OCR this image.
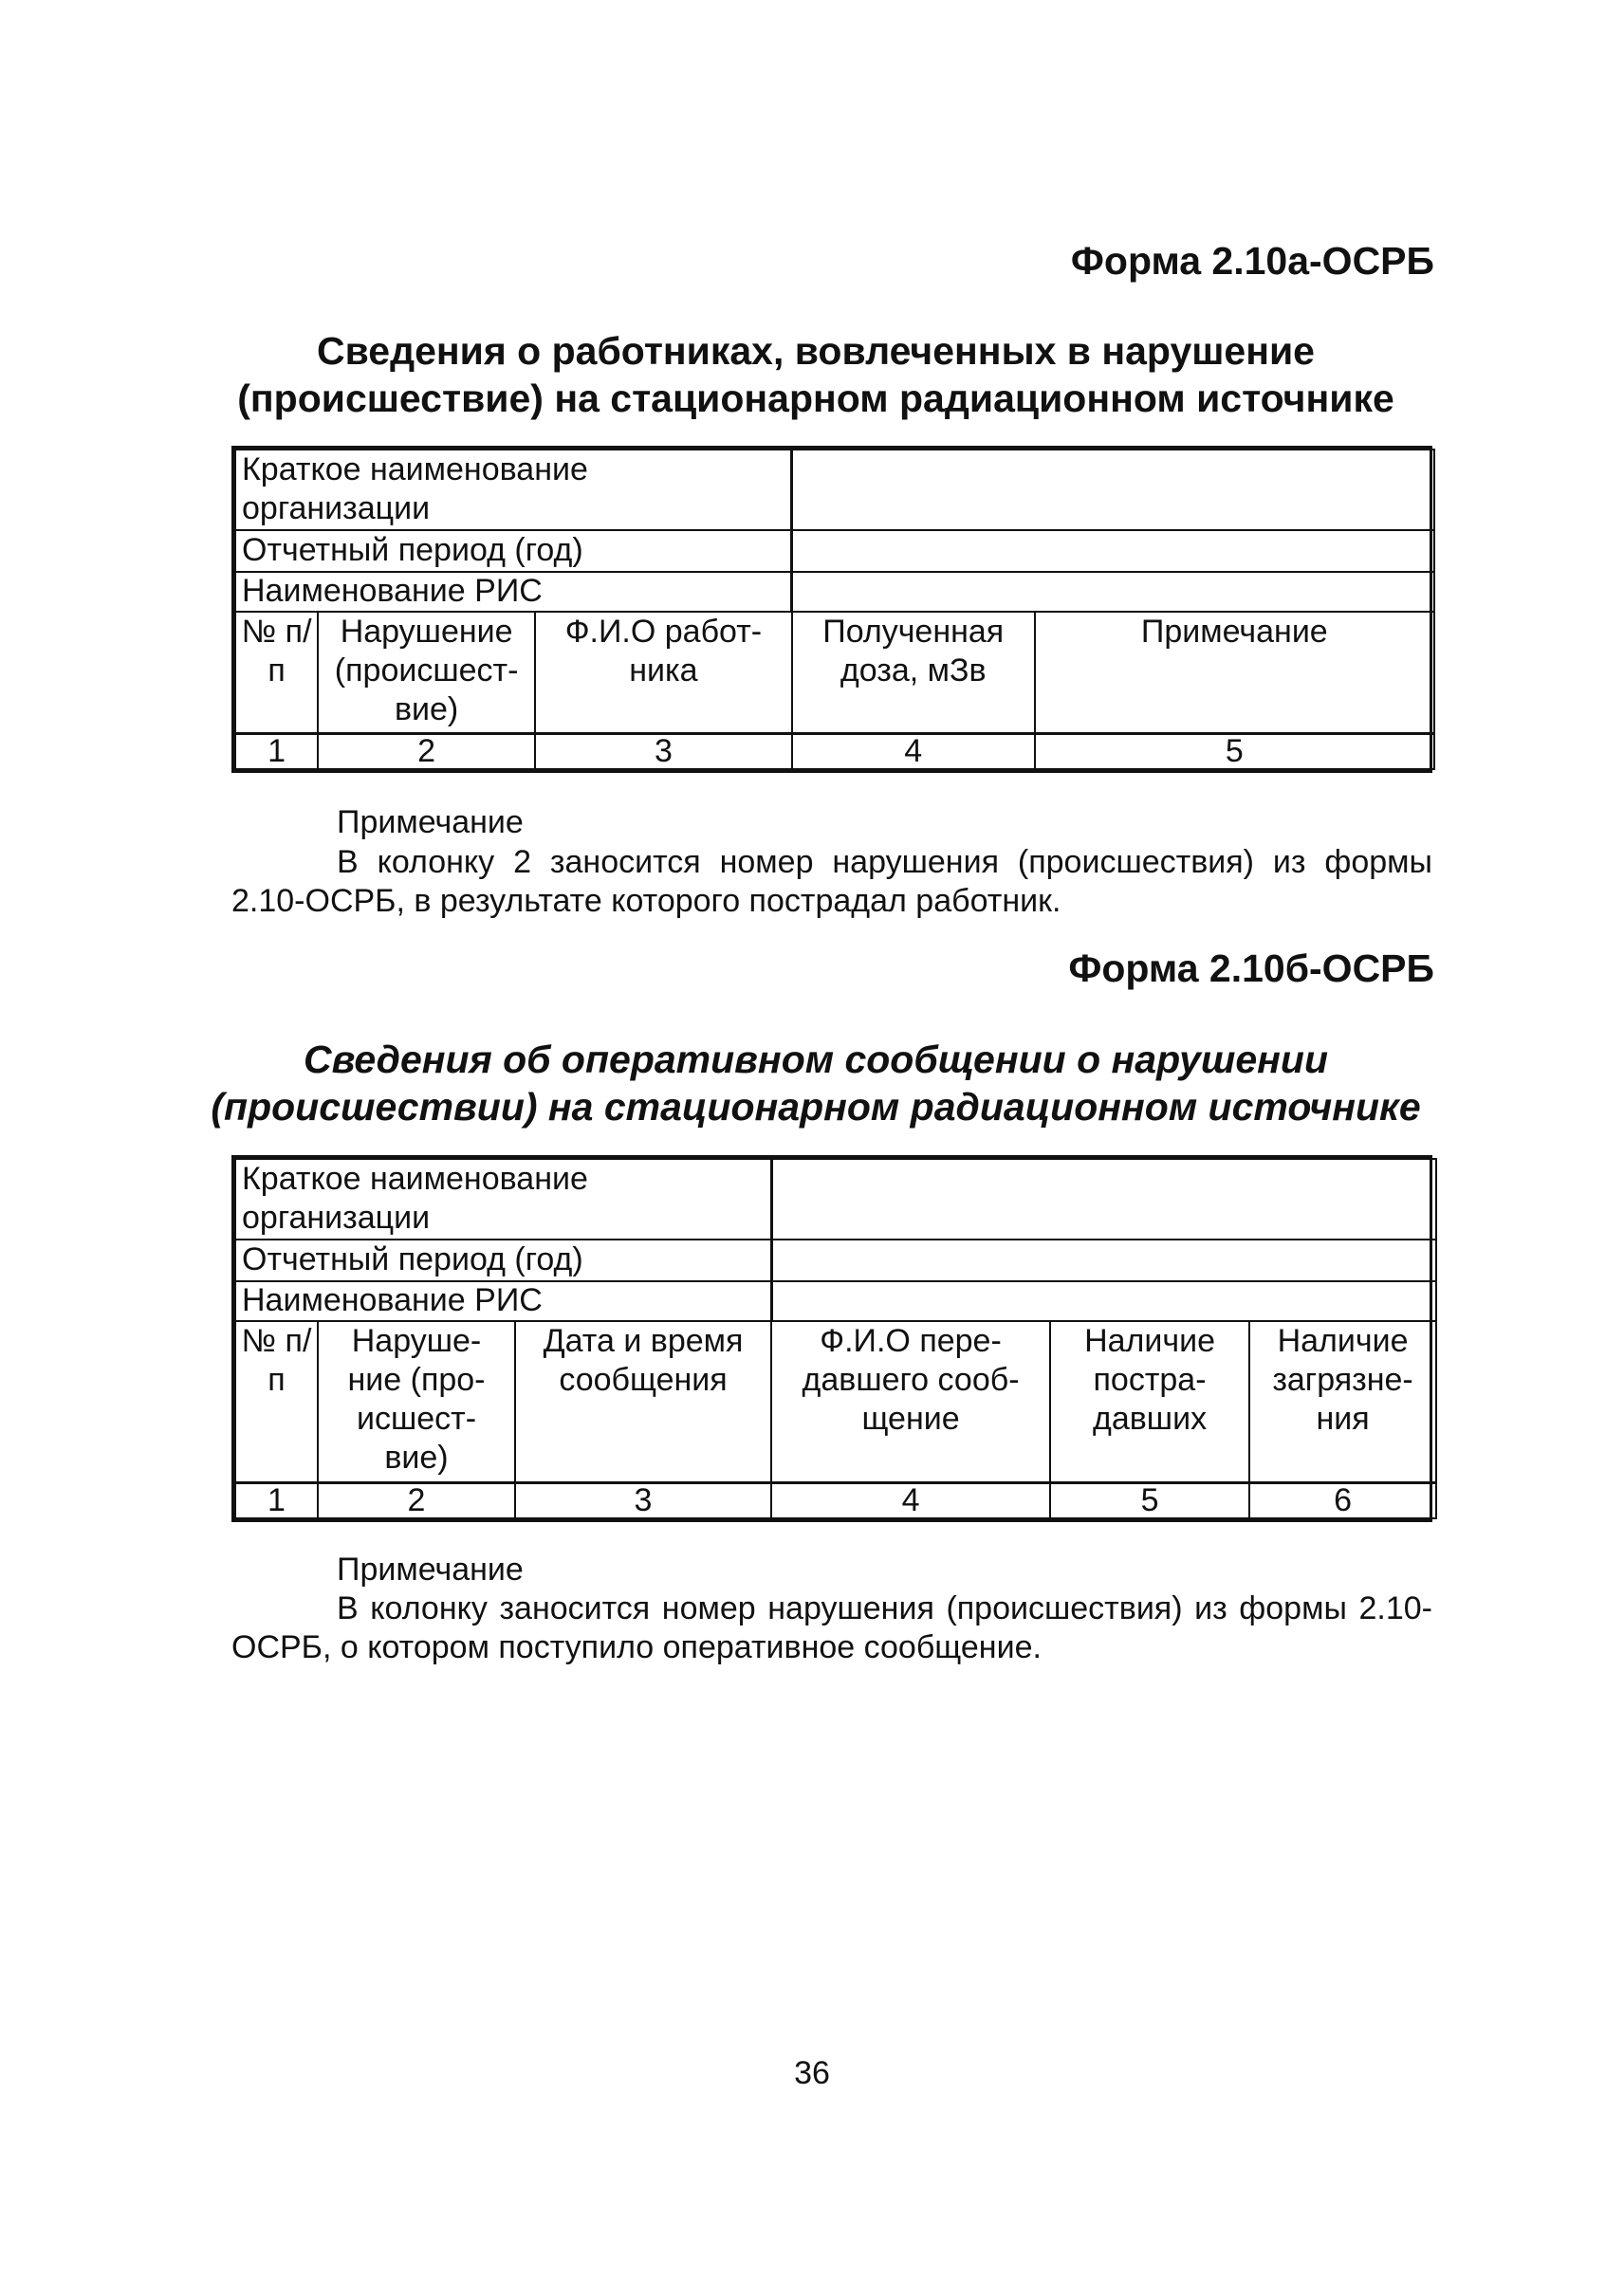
Форма 2.10а-ОСРБ
Сведения о работниках, вовлеченных в нарушение
(происшествие) на стационарном радиационном источнике
Краткое наименование организации				
Отчетный период (год)				
Наименование РИС				
№ п/п	Нарушение (происшест-вие)	Ф.И.О работ-ника	Полученная доза, мЗв	Примечание
1	2	3	4	5
Примечание
В колонку 2 заносится номер нарушения (происшествия) из формы 2.10-ОСРБ, в результате которого пострадал работник.
Форма 2.10б-ОСРБ
Сведения об оперативном сообщении о нарушении
(происшествии) на стационарном радиационном источнике
Краткое наименование организации					
Отчетный период (год)					
Наименование РИС					
№ п/п	Наруше-ние (про-исшест-вие)	Дата и время сообщения	Ф.И.О пере-давшего сооб-щение	Наличие постра-давших	Наличие загрязне-ния
1	2	3	4	5	6
Примечание
В колонку заносится номер нарушения (происшествия) из формы 2.10-ОСРБ, о котором поступило оперативное сообщение.
36
